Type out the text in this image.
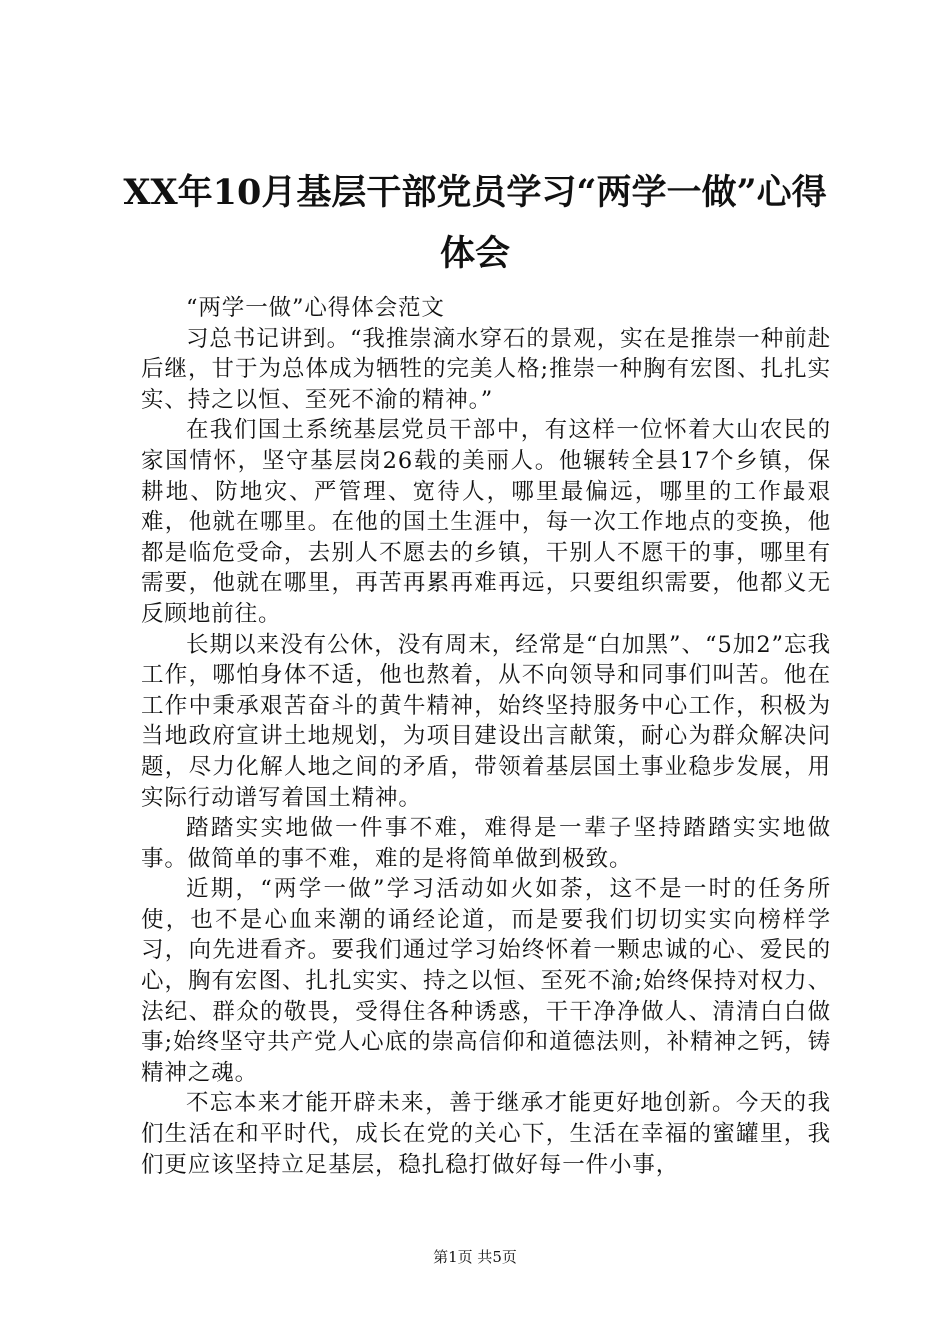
XX年10月基层干部党员学习“两学一做”心得体会

“两学一做”心得体会范文

习总书记讲到。“我推崇滴水穿石的景观，实在是推崇一种前赴后继，甘于为总体成为牺牲的完美人格;推崇一种胸有宏图、扎扎实实、持之以恒、至死不渝的精神。”

在我们国土系统基层党员干部中，有这样一位怀着大山农民的家国情怀，坚守基层岗26载的美丽人。他辗转全县17个乡镇，保耕地、防地灾、严管理、宽待人，哪里最偏远，哪里的工作最艰难，他就在哪里。在他的国土生涯中，每一次工作地点的变换，他都是临危受命，去别人不愿去的乡镇，干别人不愿干的事，哪里有需要，他就在哪里，再苦再累再难再远，只要组织需要，他都义无反顾地前往。

长期以来没有公休，没有周末，经常是“白加黑”、“5加2”忘我工作，哪怕身体不适，他也熬着，从不向领导和同事们叫苦。他在工作中秉承艰苦奋斗的黄牛精神，始终坚持服务中心工作，积极为当地政府宣讲土地规划，为项目建设出言献策，耐心为群众解决问题，尽力化解人地之间的矛盾，带领着基层国土事业稳步发展，用实际行动谱写着国土精神。

踏踏实实地做一件事不难，难得是一辈子坚持踏踏实实地做事。做简单的事不难，难的是将简单做到极致。

近期，“两学一做”学习活动如火如荼，这不是一时的任务所使，也不是心血来潮的诵经论道，而是要我们切切实实向榜样学习，向先进看齐。要我们通过学习始终怀着一颗忠诚的心、爱民的心，胸有宏图、扎扎实实、持之以恒、至死不渝;始终保持对权力、法纪、群众的敬畏，受得住各种诱惑，干干净净做人、清清白白做事;始终坚守共产党人心底的崇高信仰和道德法则，补精神之钙，铸精神之魂。

不忘本来才能开辟未来，善于继承才能更好地创新。今天的我们生活在和平时代，成长在党的关心下，生活在幸福的蜜罐里，我们更应该坚持立足基层，稳扎稳打做好每一件小事，

第1页 共5页
